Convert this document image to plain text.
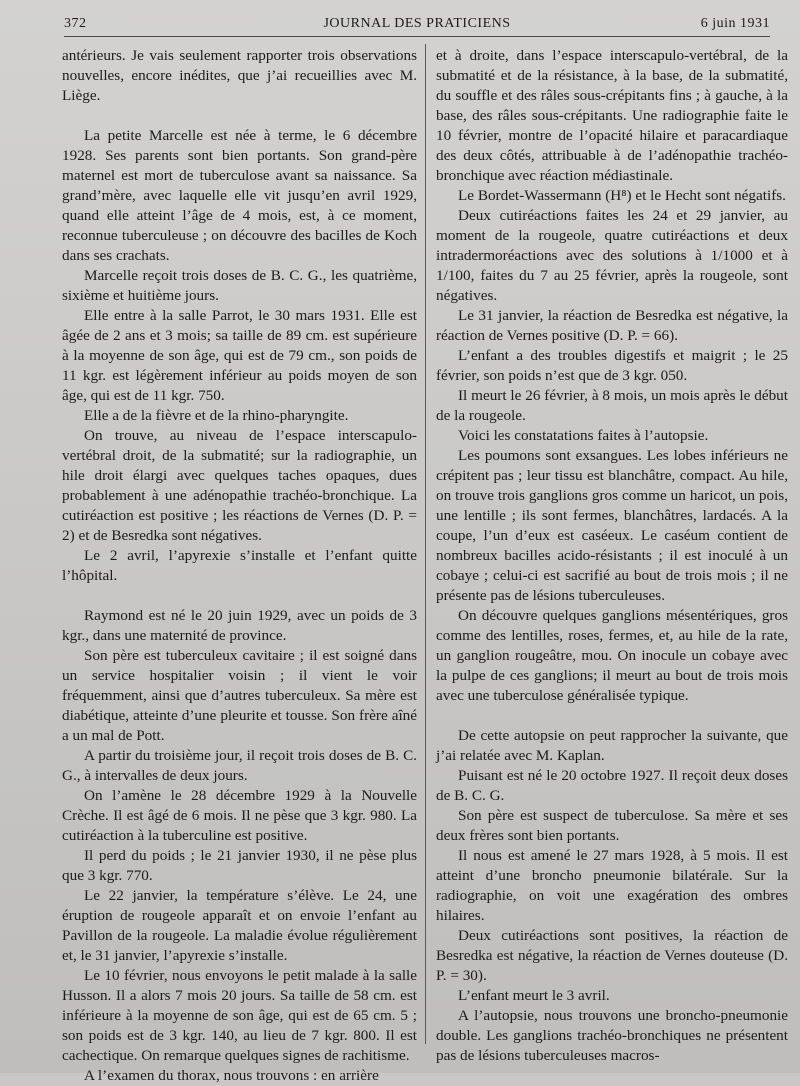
372	JOURNAL DES PRATICIENS	6 juin 1931

antérieurs. Je vais seulement rapporter trois observations nouvelles, encore inédites, que j’ai recueillies avec M. Liège.

La petite Marcelle est née à terme, le 6 décembre 1928. Ses parents sont bien portants. Son grand-père maternel est mort de tuberculose avant sa naissance. Sa grand’mère, avec laquelle elle vit jusqu’en avril 1929, quand elle atteint l’âge de 4 mois, est, à ce moment, reconnue tuberculeuse ; on découvre des bacilles de Koch dans ses crachats.

Marcelle reçoit trois doses de B. C. G., les quatrième, sixième et huitième jours.

Elle entre à la salle Parrot, le 30 mars 1931. Elle est âgée de 2 ans et 3 mois; sa taille de 89 cm. est supérieure à la moyenne de son âge, qui est de 79 cm., son poids de 11 kgr. est légèrement inférieur au poids moyen de son âge, qui est de 11 kgr. 750.

Elle a de la fièvre et de la rhino-pharyngite.

On trouve, au niveau de l’espace interscapulo-vertébral droit, de la submatité; sur la radiographie, un hile droit élargi avec quelques taches opaques, dues probablement à une adénopathie trachéo-bronchique. La cutiréaction est positive ; les réactions de Vernes (D. P. = 2) et de Besredka sont négatives.

Le 2 avril, l’apyrexie s’installe et l’enfant quitte l’hôpital.

Raymond est né le 20 juin 1929, avec un poids de 3 kgr., dans une maternité de province.

Son père est tuberculeux cavitaire ; il est soigné dans un service hospitalier voisin ; il vient le voir fréquemment, ainsi que d’autres tuberculeux. Sa mère est diabétique, atteinte d’une pleurite et tousse. Son frère aîné a un mal de Pott.

A partir du troisième jour, il reçoit trois doses de B. C. G., à intervalles de deux jours.

On l’amène le 28 décembre 1929 à la Nouvelle Crèche. Il est âgé de 6 mois. Il ne pèse que 3 kgr. 980. La cutiréaction à la tuberculine est positive.

Il perd du poids ; le 21 janvier 1930, il ne pèse plus que 3 kgr. 770.

Le 22 janvier, la température s’élève. Le 24, une éruption de rougeole apparaît et on envoie l’enfant au Pavillon de la rougeole. La maladie évolue régulièrement et, le 31 janvier, l’apyrexie s’installe.

Le 10 février, nous envoyons le petit malade à la salle Husson. Il a alors 7 mois 20 jours. Sa taille de 58 cm. est inférieure à la moyenne de son âge, qui est de 65 cm. 5 ; son poids est de 3 kgr. 140, au lieu de 7 kgr. 800. Il est cachectique. On remarque quelques signes de rachitisme.

A l’examen du thorax, nous trouvons : en arrière

et à droite, dans l’espace interscapulo-vertébral, de la submatité et de la résistance, à la base, de la submatité, du souffle et des râles sous-crépitants fins ; à gauche, à la base, des râles sous-crépitants. Une radiographie faite le 10 février, montre de l’opacité hilaire et paracardiaque des deux côtés, attribuable à de l’adénopathie trachéo-bronchique avec réaction médiastinale.

Le Bordet-Wassermann (H⁸) et le Hecht sont négatifs.

Deux cutiréactions faites les 24 et 29 janvier, au moment de la rougeole, quatre cutiréactions et deux intradermoréactions avec des solutions à 1/1000 et à 1/100, faites du 7 au 25 février, après la rougeole, sont négatives.

Le 31 janvier, la réaction de Besredka est négative, la réaction de Vernes positive (D. P. = 66).

L’enfant a des troubles digestifs et maigrit ; le 25 février, son poids n’est que de 3 kgr. 050.

Il meurt le 26 février, à 8 mois, un mois après le début de la rougeole.

Voici les constatations faites à l’autopsie.

Les poumons sont exsangues. Les lobes inférieurs ne crépitent pas ; leur tissu est blanchâtre, compact. Au hile, on trouve trois ganglions gros comme un haricot, un pois, une lentille ; ils sont fermes, blanchâtres, lardacés. A la coupe, l’un d’eux est caséeux. Le caséum contient de nombreux bacilles acido-résistants ; il est inoculé à un cobaye ; celui-ci est sacrifié au bout de trois mois ; il ne présente pas de lésions tuberculeuses.

On découvre quelques ganglions mésentériques, gros comme des lentilles, roses, fermes, et, au hile de la rate, un ganglion rougeâtre, mou. On inocule un cobaye avec la pulpe de ces ganglions; il meurt au bout de trois mois avec une tuberculose généralisée typique.

De cette autopsie on peut rapprocher la suivante, que j’ai relatée avec M. Kaplan.

Puisant est né le 20 octobre 1927. Il reçoit deux doses de B. C. G.

Son père est suspect de tuberculose. Sa mère et ses deux frères sont bien portants.

Il nous est amené le 27 mars 1928, à 5 mois. Il est atteint d’une broncho pneumonie bilatérale. Sur la radiographie, on voit une exagération des ombres hilaires.

Deux cutiréactions sont positives, la réaction de Besredka est négative, la réaction de Vernes douteuse (D. P. = 30).

L’enfant meurt le 3 avril.

A l’autopsie, nous trouvons une broncho-pneumonie double. Les ganglions trachéo-bronchiques ne présentent pas de lésions tuberculeuses macros-
